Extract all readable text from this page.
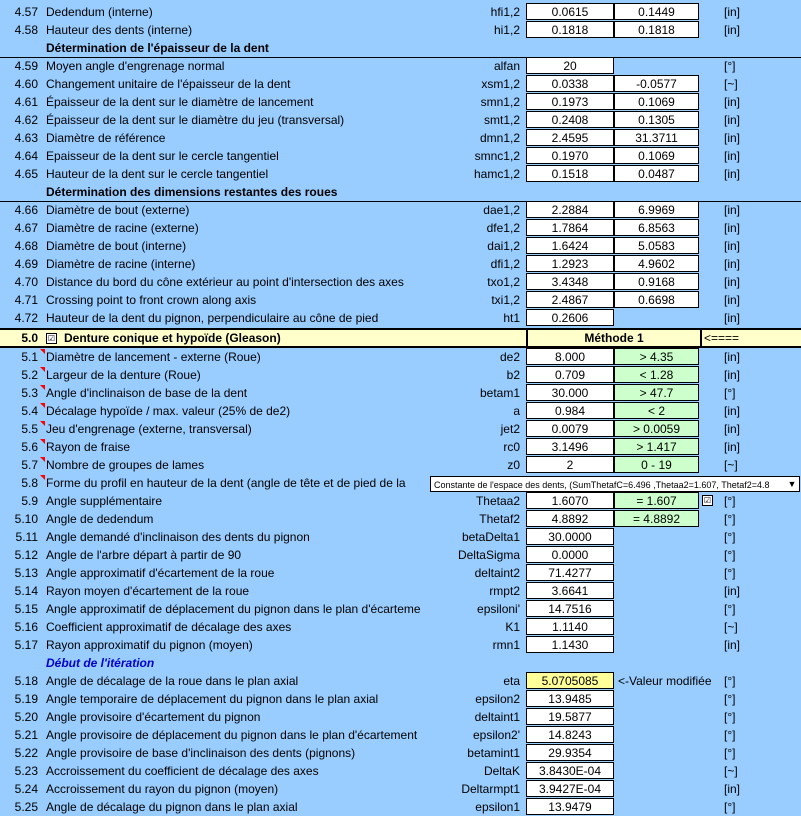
4.57 Dedendum (interne)	hfi1,2	0.0615	0.1449	[in]
4.58 Hauteur des dents (interne)	hi1,2	0.1818	0.1818	[in]
Détermination de l'épaisseur de la dent
4.59 Moyen angle d'engrenage normal	alfan	20	[°]
4.60 Changement unitaire de l'épaisseur de la dent	xsm1,2	0.0338	-0.0577	[~]
4.61 Épaisseur de la dent sur le diamètre de lancement	smn1,2	0.1973	0.1069	[in]
4.62 Épaisseur de la dent sur le diamètre du jeu (transversal)	smt1,2	0.2408	0.1305	[in]
4.63 Diamètre de référence	dmn1,2	2.4595	31.3711	[in]
4.64 Epaisseur de la dent sur le cercle tangentiel	smnc1,2	0.1970	0.1069	[in]
4.65 Hauteur de la dent sur le cercle tangentiel	hamc1,2	0.1518	0.0487	[in]
Détermination des dimensions restantes des roues
4.66 Diamètre de bout (externe)	dae1,2	2.2884	6.9969	[in]
4.67 Diamètre de racine (externe)	dfe1,2	1.7864	6.8563	[in]
4.68 Diamètre de bout (interne)	dai1,2	1.6424	5.0583	[in]
4.69 Diamètre de racine (interne)	dfi1,2	1.2923	4.9602	[in]
4.70 Distance du bord du cône extérieur au point d'intersection des axes	txo1,2	3.4348	0.9168	[in]
4.71 Crossing point to front crown along axis	txi1,2	2.4867	0.6698	[in]
4.72 Hauteur de la dent du pignon, perpendiculaire au cône de pied	ht1	0.2606	[in]
5.0 ☑ Denture conique et hypoïde (Gleason)	Méthode 1	<====
5.1 Diamètre de lancement - externe (Roue)	de2	8.000	> 4.35	[in]
5.2 Largeur de la denture (Roue)	b2	0.709	< 1.28	[in]
5.3 Angle d'inclinaison de base de la dent	betam1	30.000	> 47.7	[°]
5.4 Décalage hypoïde / max. valeur (25% de de2)	a	0.984	< 2	[in]
5.5 Jeu d'engrenage (externe, transversal)	jet2	0.0079	> 0.0059	[in]
5.6 Rayon de fraise	rc0	3.1496	> 1.417	[in]
5.7 Nombre de groupes de lames	z0	2	0 - 19	[~]
5.8 Forme du profil en hauteur de la dent (angle de tête et de pied de la	Constante de l'espace des dents, (SumThetafC=6.496 ,Thetaa2=1.607, Thetaf2=4.8 ▼
5.9 Angle supplémentaire	Thetaa2	1.6070	= 1.607	☑ [°]
5.10 Angle de dedendum	Thetaf2	4.8892	= 4.8892	[°]
5.11 Angle demandé d'inclinaison des dents du pignon	betaDelta1	30.0000	[°]
5.12 Angle de l'arbre départ à partir de 90	DeltaSigma	0.0000	[°]
5.13 Angle approximatif d'écartement de la roue	deltaint2	71.4277	[°]
5.14 Rayon moyen d'écartement de la roue	rmpt2	3.6641	[in]
5.15 Angle approximatif de déplacement du pignon dans le plan d'écarteme	epsiloni'	14.7516	[°]
5.16 Coefficient approximatif de décalage des axes	K1	1.1140	[~]
5.17 Rayon approximatif du pignon (moyen)	rmn1	1.1430	[in]
Début de l'itération
5.18 Angle de décalage de la roue dans le plan axial	eta	5.0705085	<-Valeur modifiée [°]
5.19 Angle temporaire de déplacement du pignon dans le plan axial	epsilon2	13.9485	[°]
5.20 Angle provisoire d'écartement du pignon	deltaint1	19.5877	[°]
5.21 Angle provisoire de déplacement du pignon dans le plan d'écartement	epsilon2'	14.8243	[°]
5.22 Angle provisoire de base d'inclinaison des dents (pignons)	betamint1	29.9354	[°]
5.23 Accroissement du coefficient de décalage des axes	DeltaK	3.8430E-04	[~]
5.24 Accroissement du rayon du pignon (moyen)	Deltarmpt1	3.9427E-04	[in]
5.25 Angle de décalage du pignon dans le plan axial	epsilon1	13.9479	[°]
